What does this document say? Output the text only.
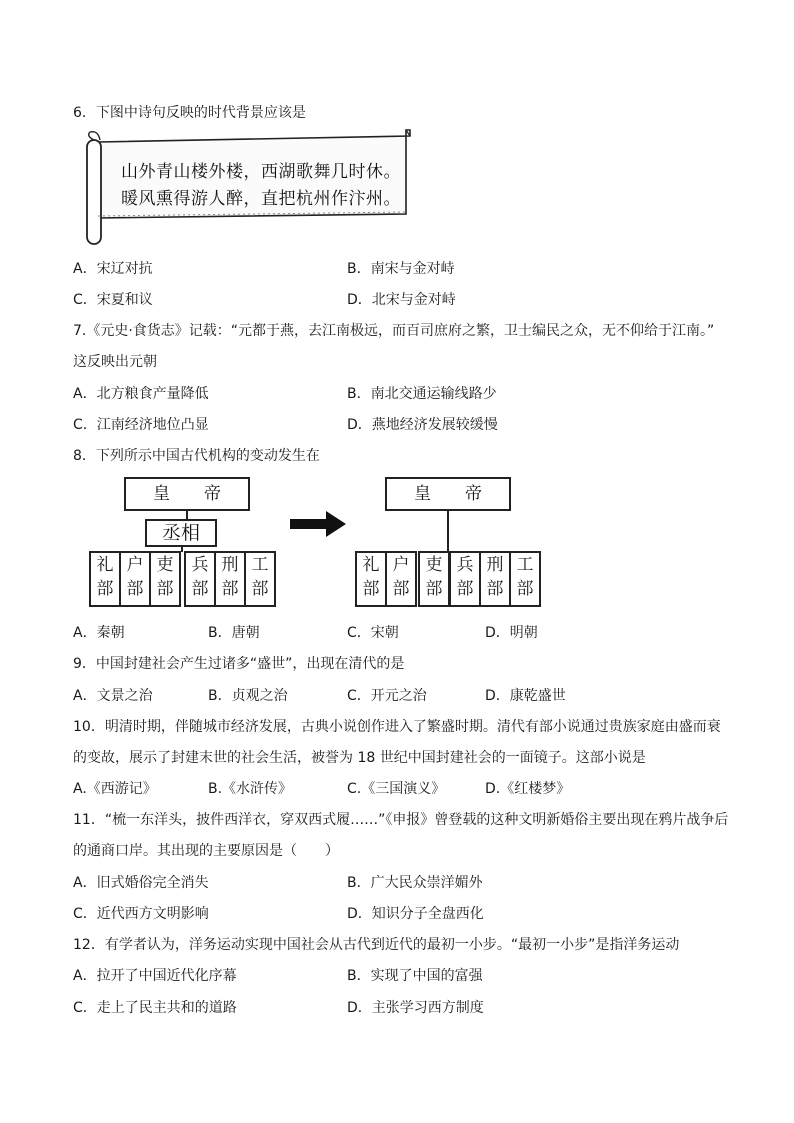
6．下图中诗句反映的时代背景应该是
山外青山楼外楼，西湖歌舞几时休。
暖风熏得游人醉，直把杭州作汴州。
A．宋辽对抗	B．南宋与金对峙
C．宋夏和议	D．北宋与金对峙
7.《元史·食货志》记载：“元都于燕，去江南极远，而百司庶府之繁，卫士编民之众，无不仰给于江南。”
这反映出元朝
A．北方粮食产量降低	B．南北交通运输线路少
C．江南经济地位凸显	D．燕地经济发展较缓慢
8．下列所示中国古代机构的变动发生在
皇　　帝
丞相
礼
部
户
部
吏
部
兵
部
刑
部
工
部
皇　　帝
礼
部
户
部
吏
部
兵
部
刑
部
工
部
A．秦朝	B．唐朝	C．宋朝	D．明朝
9．中国封建社会产生过诸多“盛世”，出现在清代的是
A．文景之治	B．贞观之治	C．开元之治	D．康乾盛世
10．明清时期，伴随城市经济发展，古典小说创作进入了繁盛时期。清代有部小说通过贵族家庭由盛而衰
的变故，展示了封建末世的社会生活，被誉为 18 世纪中国封建社会的一面镜子。这部小说是
A.《西游记》	B.《水浒传》	C.《三国演义》	D.《红楼梦》
11．“梳一东洋头，披件西洋衣，穿双西式履……”《申报》曾登载的这种文明新婚俗主要出现在鸦片战争后
的通商口岸。其出现的主要原因是（　　）
A．旧式婚俗完全消失	B．广大民众崇洋媚外
C．近代西方文明影响	D．知识分子全盘西化
12．有学者认为，洋务运动实现中国社会从古代到近代的最初一小步。“最初一小步”是指洋务运动
A．拉开了中国近代化序幕	B．实现了中国的富强
C．走上了民主共和的道路	D．主张学习西方制度
